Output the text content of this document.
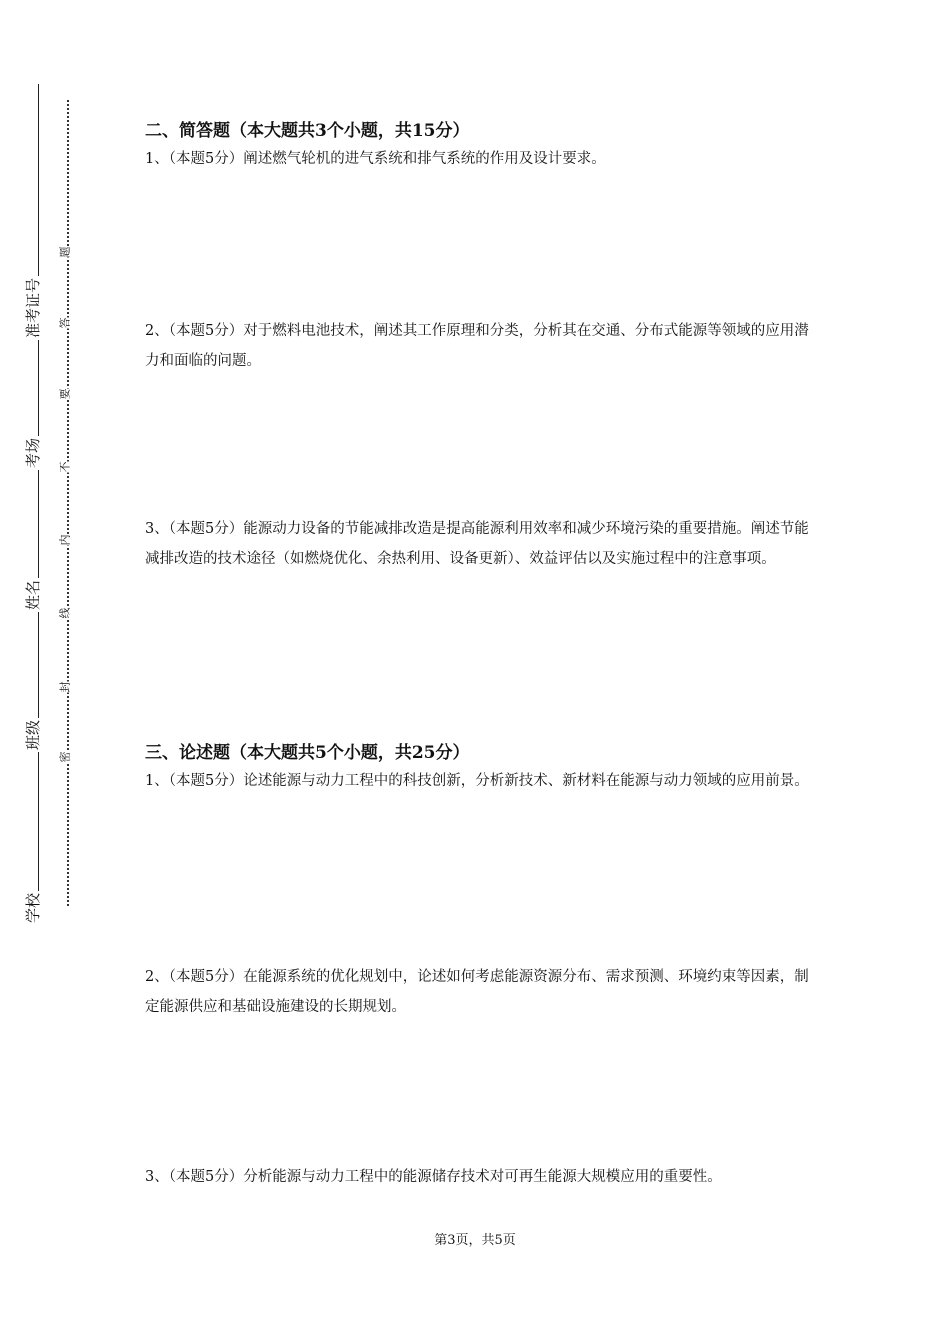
学校
班级
姓名
考场
准考证号
密
封
线
内
不
要
答
题

二、简答题（本大题共3个小题，共15分）

1、（本题5分）阐述燃气轮机的进气系统和排气系统的作用及设计要求。

2、（本题5分）对于燃料电池技术，阐述其工作原理和分类，分析其在交通、分布式能源等领域的应用潜力和面临的问题。

3、（本题5分）能源动力设备的节能减排改造是提高能源利用效率和减少环境污染的重要措施。阐述节能减排改造的技术途径（如燃烧优化、余热利用、设备更新）、效益评估以及实施过程中的注意事项。

三、论述题（本大题共5个小题，共25分）

1、（本题5分）论述能源与动力工程中的科技创新，分析新技术、新材料在能源与动力领域的应用前景。

2、（本题5分）在能源系统的优化规划中，论述如何考虑能源资源分布、需求预测、环境约束等因素，制定能源供应和基础设施建设的长期规划。

3、（本题5分）分析能源与动力工程中的能源储存技术对可再生能源大规模应用的重要性。

第3页，共5页
